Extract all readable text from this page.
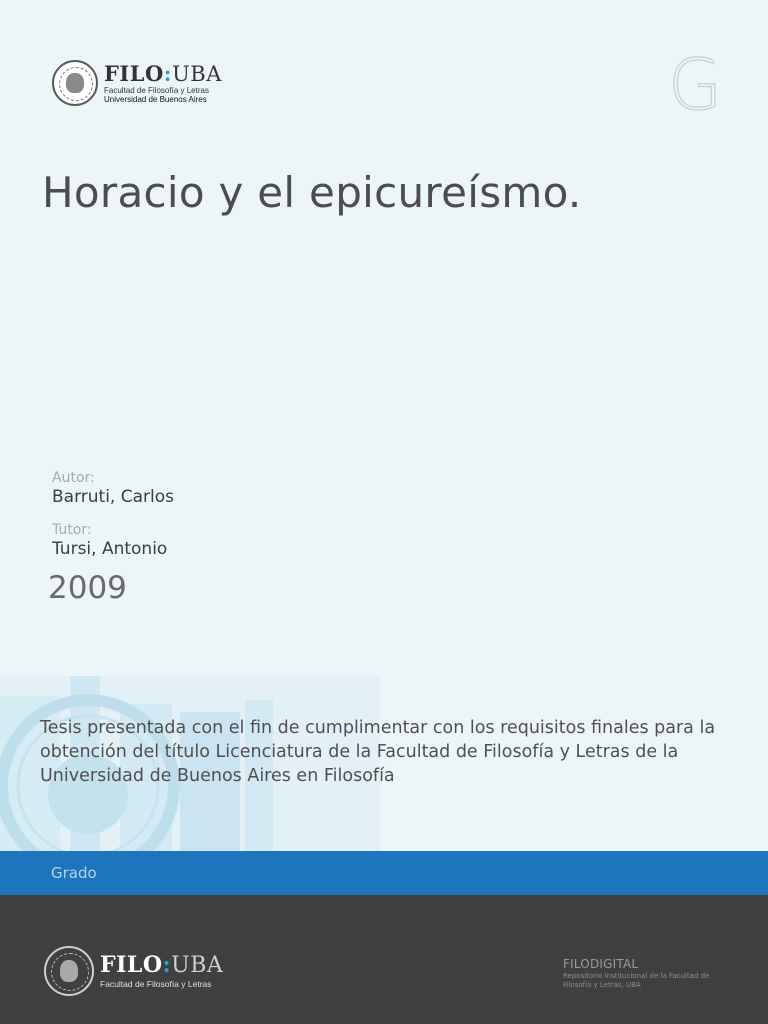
FILO:UBA
Facultad de Filosofía y Letras
Universidad de Buenos Aires	G
Horacio y el epicureísmo.
Autor:
Barruti, Carlos
Tutor:
Tursi, Antonio
2009
Tesis presentada con el fin de cumplimentar con los requisitos finales para la obtención del título Licenciatura de la Facultad de Filosofía y Letras de la Universidad de Buenos Aires en Filosofía
Grado
FILO:UBA
Facultad de Filosofía y Letras
FILODIGITAL
Repositorio Institucional de la Facultad de Filosofía y Letras, UBA
